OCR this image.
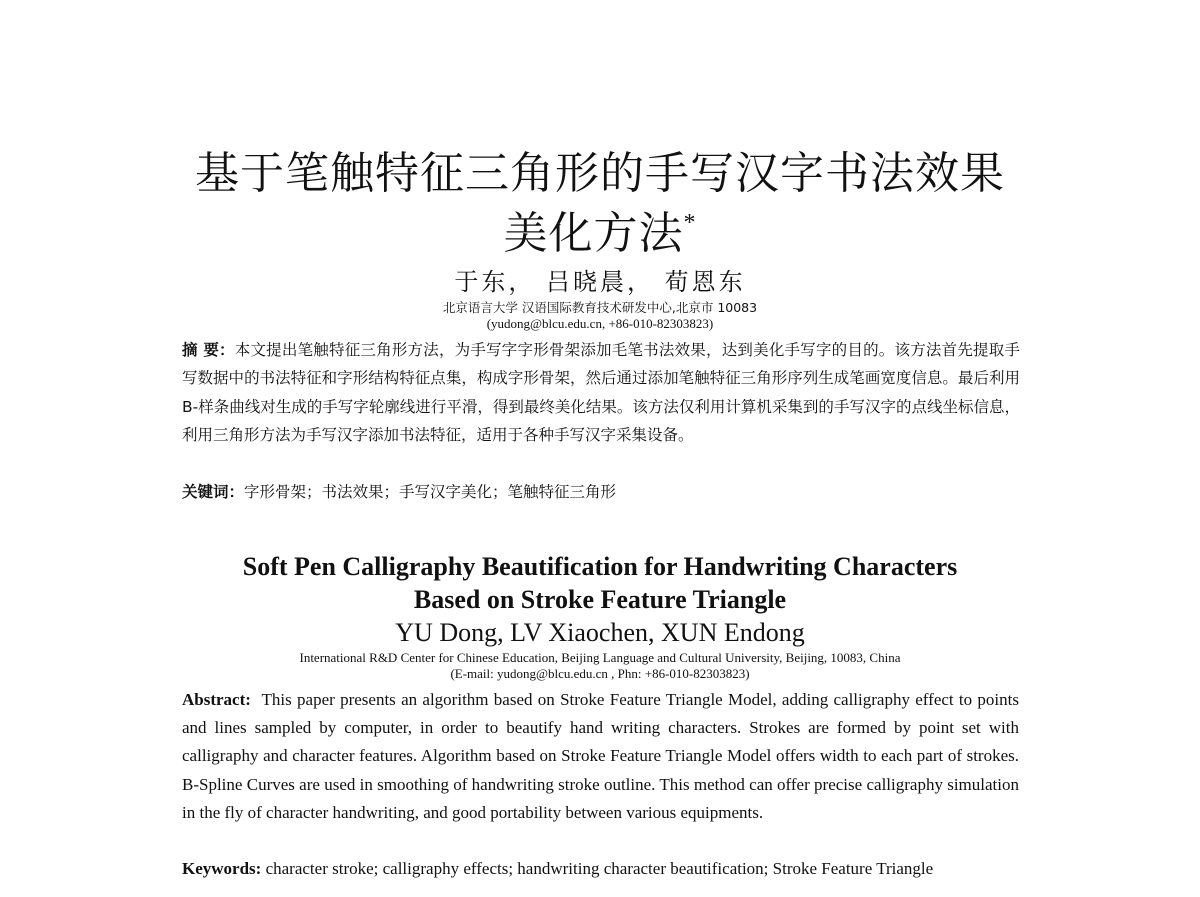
基于笔触特征三角形的手写汉字书法效果
美化方法*
于东， 吕晓晨， 荀恩东
北京语言大学 汉语国际教育技术研发中心,北京市 10083
(yudong@blcu.edu.cn, +86-010-82303823)
摘 要：本文提出笔触特征三角形方法，为手写字字形骨架添加毛笔书法效果，达到美化手写字的目的。该方法首先提取手写数据中的书法特征和字形结构特征点集，构成字形骨架，然后通过添加笔触特征三角形序列生成笔画宽度信息。最后利用 B-样条曲线对生成的手写字轮廓线进行平滑，得到最终美化结果。该方法仅利用计算机采集到的手写汉字的点线坐标信息，利用三角形方法为手写汉字添加书法特征，适用于各种手写汉字采集设备。
关键词：字形骨架；书法效果；手写汉字美化；笔触特征三角形
Soft Pen Calligraphy Beautification for Handwriting Characters
Based on Stroke Feature Triangle
YU Dong, LV Xiaochen, XUN Endong
International R&D Center for Chinese Education, Beijing Language and Cultural University, Beijing, 10083, China
(E-mail: yudong@blcu.edu.cn , Phn: +86-010-82303823)
Abstract: This paper presents an algorithm based on Stroke Feature Triangle Model, adding calligraphy effect to points and lines sampled by computer, in order to beautify hand writing characters. Strokes are formed by point set with calligraphy and character features. Algorithm based on Stroke Feature Triangle Model offers width to each part of strokes. B-Spline Curves are used in smoothing of handwriting stroke outline. This method can offer precise calligraphy simulation in the fly of character handwriting, and good portability between various equipments.
Keywords: character stroke; calligraphy effects; handwriting character beautification; Stroke Feature Triangle
